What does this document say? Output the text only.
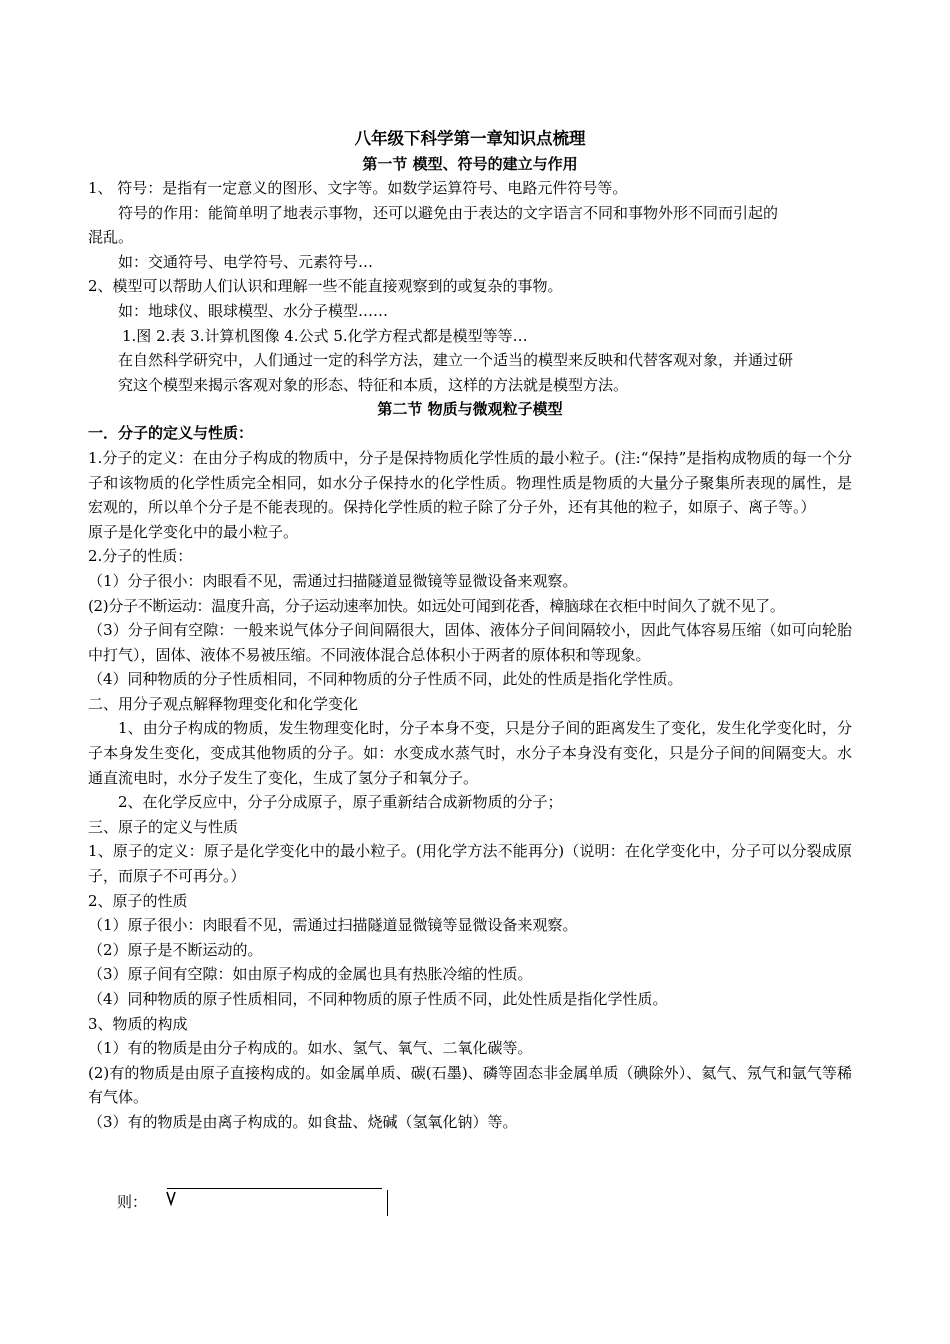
八年级下科学第一章知识点梳理

第一节 模型、符号的建立与作用

1、 符号：是指有一定意义的图形、文字等。如数学运算符号、电路元件符号等。

符号的作用：能简单明了地表示事物，还可以避免由于表达的文字语言不同和事物外形不同而引起的

混乱。

如：交通符号、电学符号、元素符号…

2、模型可以帮助人们认识和理解一些不能直接观察到的或复杂的事物。

如：地球仪、眼球模型、水分子模型……

1.图 2.表 3.计算机图像 4.公式 5.化学方程式都是模型等等…

在自然科学研究中，人们通过一定的科学方法，建立一个适当的模型来反映和代替客观对象，并通过研

究这个模型来揭示客观对象的形态、特征和本质，这样的方法就是模型方法。

第二节 物质与微观粒子模型

一．分子的定义与性质：

1.分子的定义：在由分子构成的物质中，分子是保持物质化学性质的最小粒子。(注:“保持”是指构成物质的每一个分子和该物质的化学性质完全相同，如水分子保持水的化学性质。物理性质是物质的大量分子聚集所表现的属性，是宏观的，所以单个分子是不能表现的。保持化学性质的粒子除了分子外，还有其他的粒子，如原子、离子等。）

原子是化学变化中的最小粒子。

2.分子的性质：

（1）分子很小：肉眼看不见，需通过扫描隧道显微镜等显微设备来观察。

(2)分子不断运动：温度升高，分子运动速率加快。如远处可闻到花香，樟脑球在衣柜中时间久了就不见了。

（3）分子间有空隙：一般来说气体分子间间隔很大，固体、液体分子间间隔较小，因此气体容易压缩（如可向轮胎中打气），固体、液体不易被压缩。不同液体混合总体积小于两者的原体积和等现象。

（4）同种物质的分子性质相同，不同种物质的分子性质不同，此处的性质是指化学性质。

二、用分子观点解释物理变化和化学变化

1、由分子构成的物质，发生物理变化时，分子本身不变，只是分子间的距离发生了变化，发生化学变化时，分子本身发生变化，变成其他物质的分子。如：水变成水蒸气时，水分子本身没有变化，只是分子间的间隔变大。水通直流电时，水分子发生了变化，生成了氢分子和氧分子。

2、在化学反应中，分子分成原子，原子重新结合成新物质的分子；

三、原子的定义与性质

1、原子的定义：原子是化学变化中的最小粒子。(用化学方法不能再分)（说明：在化学变化中，分子可以分裂成原子，而原子不可再分。）

2、原子的性质

（1）原子很小：肉眼看不见，需通过扫描隧道显微镜等显微设备来观察。

（2）原子是不断运动的。

（3）原子间有空隙：如由原子构成的金属也具有热胀冷缩的性质。

（4）同种物质的原子性质相同，不同种物质的原子性质不同，此处性质是指化学性质。

3、物质的构成

（1）有的物质是由分子构成的。如水、氢气、氧气、二氧化碳等。

(2)有的物质是由原子直接构成的。如金属单质、碳(石墨)、磷等固态非金属单质（碘除外）、氦气、氖气和氩气等稀有气体。

（3）有的物质是由离子构成的。如食盐、烧碱（氢氧化钠）等。

则：
